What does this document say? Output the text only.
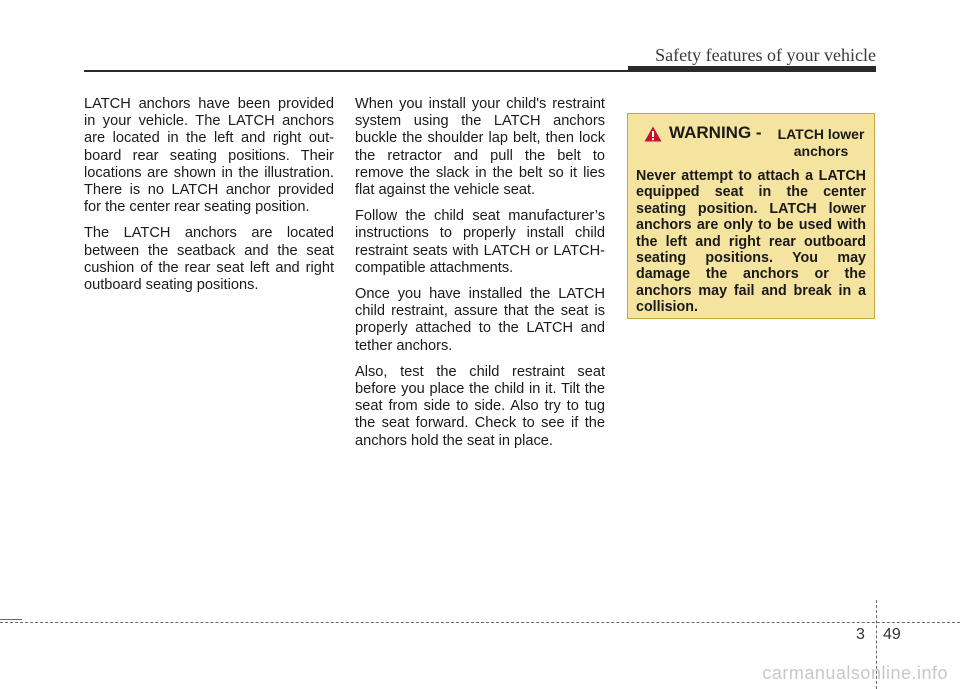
Safety features of your vehicle

LATCH anchors have been provided in your vehicle. The LATCH anchors are located in the left and right out-board rear seating positions. Their locations are shown in the illustration. There is no LATCH anchor provided for the center rear seating position.

The LATCH anchors are located between the seatback and the seat cushion of the rear seat left and right outboard seating positions.

When you install your child's restraint system using the LATCH anchors buckle the shoulder lap belt, then lock the retractor and pull the belt to remove the slack in the belt so it lies flat against the vehicle seat.

Follow the child seat manufacturer’s instructions to properly install child restraint seats with LATCH or LATCH-compatible attachments.

Once you have installed the LATCH child restraint, assure that the seat is properly attached to the LATCH and tether anchors.

Also, test the child restraint seat before you place the child in it. Tilt the seat from side to side. Also try to tug the seat forward. Check to see if the anchors hold the seat in place.

WARNING -	LATCH lower anchors
Never attempt to attach a LATCH equipped seat in the center seating position. LATCH lower anchors are only to be used with the left and right rear outboard seating positions. You may damage the anchors or the anchors may fail and break in a collision.
3 49
carmanualsonline.info
